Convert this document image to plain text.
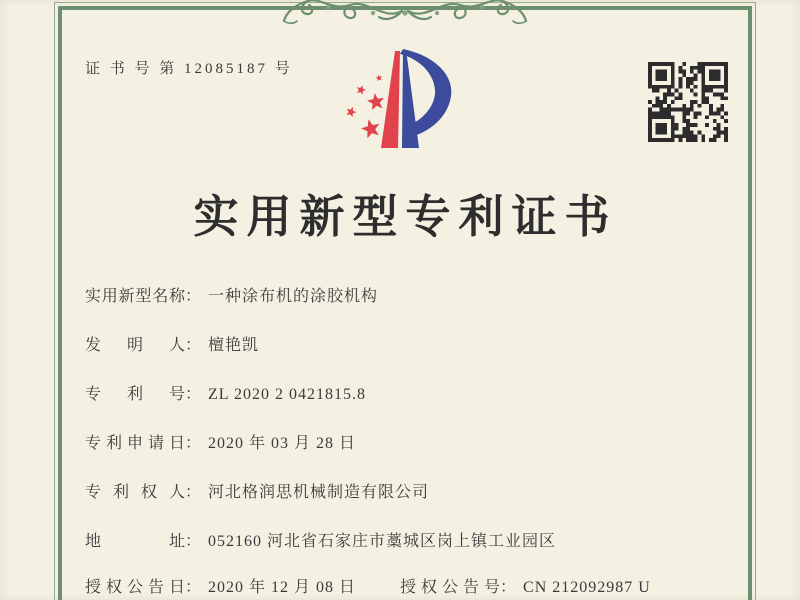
证 书 号 第 12085187 号
实用新型专利证书
实用新型名称： 一种涂布机的涂胶机构
发明人： 檀艳凯
专利号： ZL 2020 2 0421815.8
专利申请日： 2020 年 03 月 28 日
专利权人： 河北格润思机械制造有限公司
地址： 052160 河北省石家庄市藁城区岗上镇工业园区
授权公告日： 2020 年 12 月 08 日	授权公告号： CN 212092987 U
